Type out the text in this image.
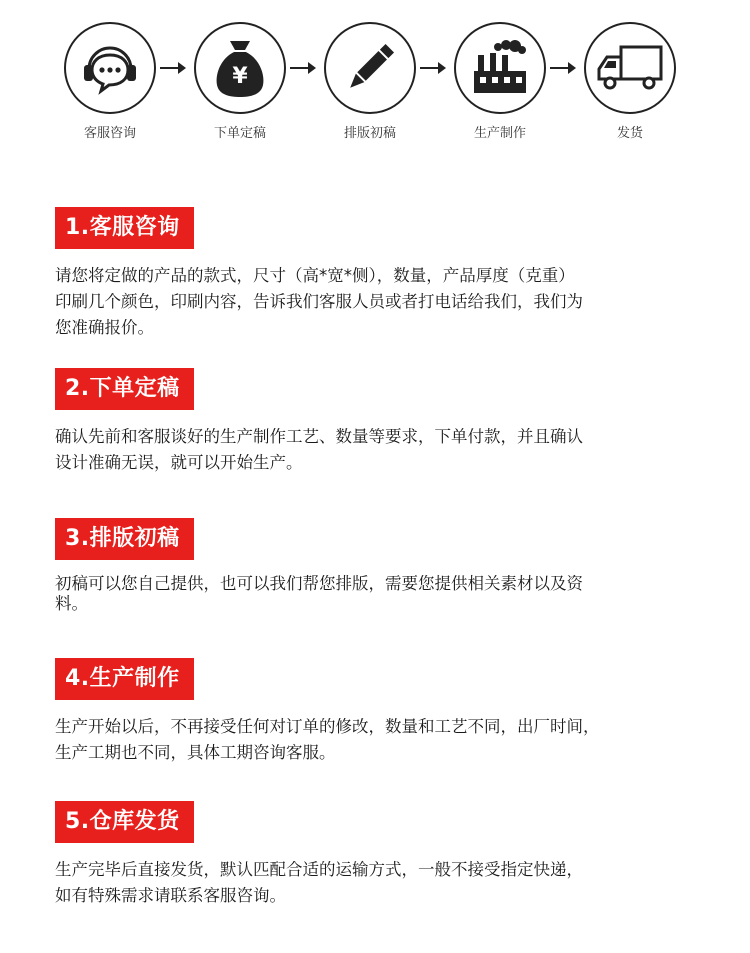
客服咨询
¥
下单定稿	排版初稿	生产制作	发货
1.客服咨询
请您将定做的产品的款式，尺寸（高*宽*侧），数量，产品厚度（克重）
印刷几个颜色，印刷内容，告诉我们客服人员或者打电话给我们，我们为
您准确报价。
2.下单定稿
确认先前和客服谈好的生产制作工艺、数量等要求，下单付款，并且确认
设计准确无误，就可以开始生产。
3.排版初稿
初稿可以您自己提供，也可以我们帮您排版，需要您提供相关素材以及资
料。
4.生产制作
生产开始以后，不再接受任何对订单的修改，数量和工艺不同，出厂时间，
生产工期也不同，具体工期咨询客服。
5.仓库发货
生产完毕后直接发货，默认匹配合适的运输方式，一般不接受指定快递，
如有特殊需求请联系客服咨询。
